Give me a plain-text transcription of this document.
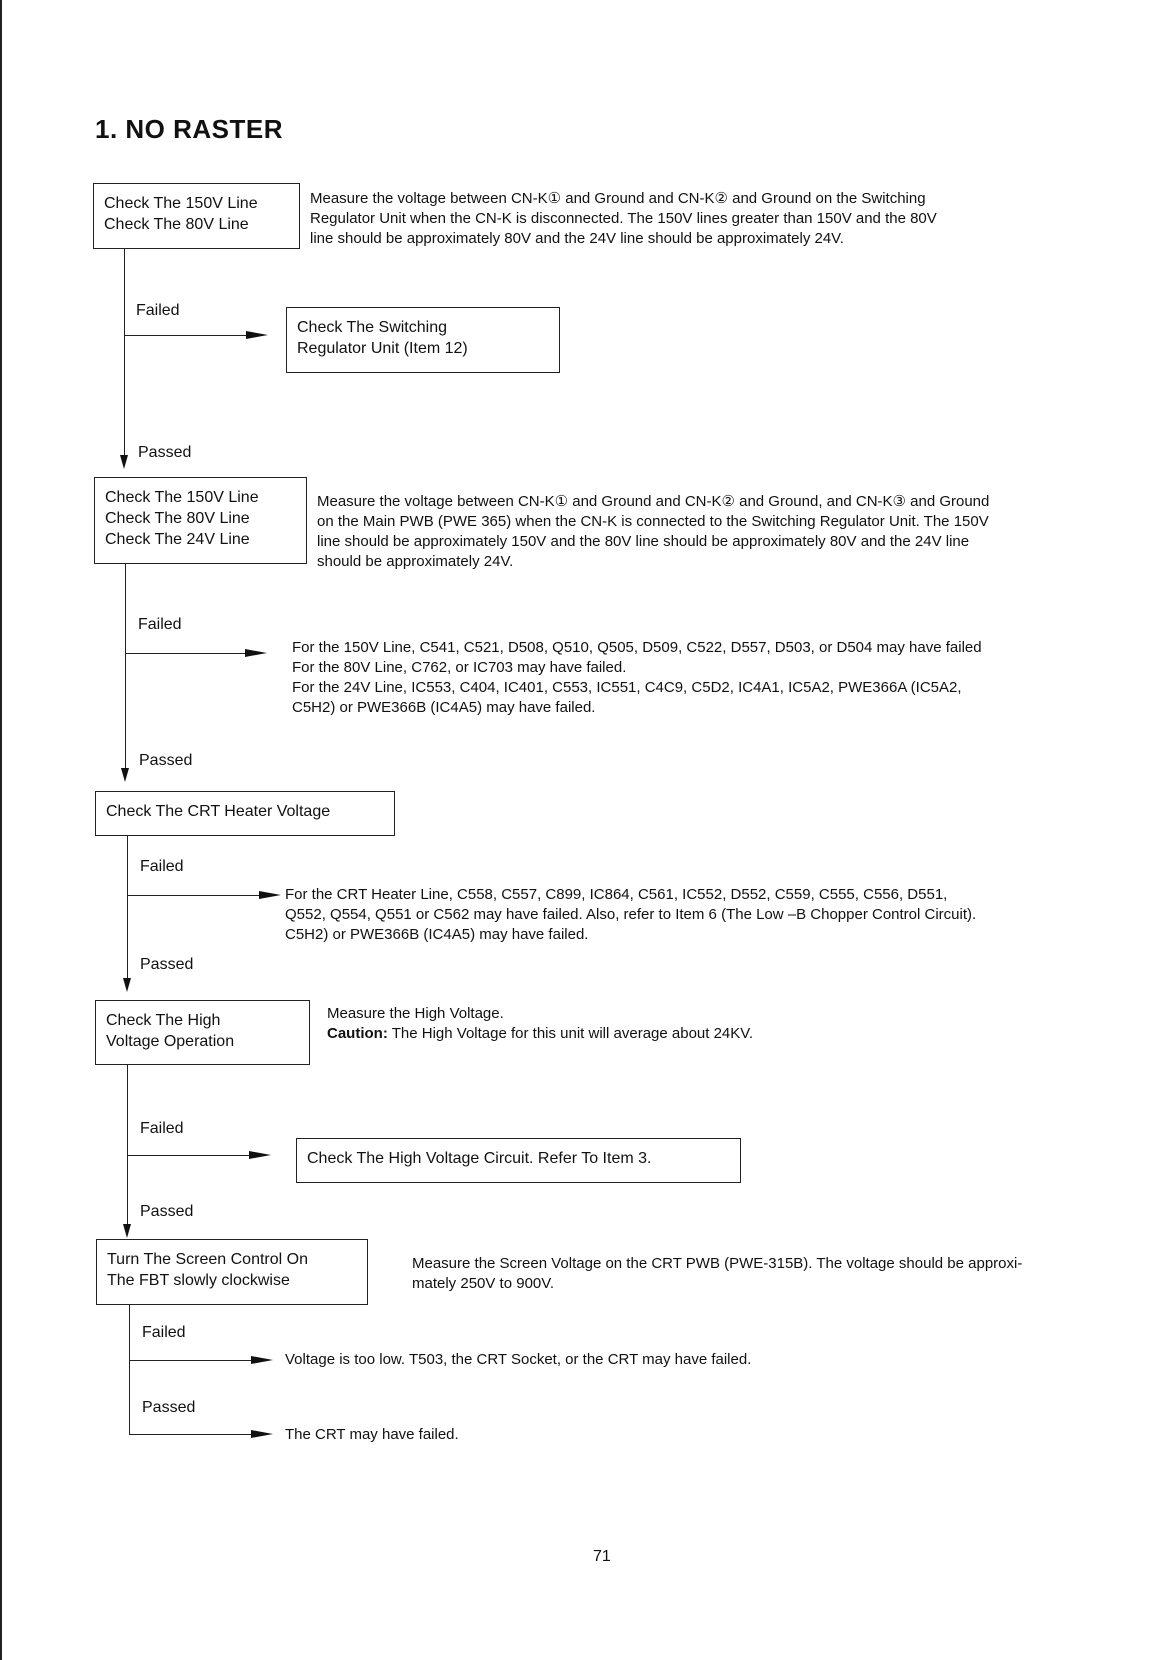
1. NO RASTER
Check The 150V Line
Check The 80V Line
Measure the voltage between CN-K① and Ground and CN-K② and Ground on the Switching
Regulator Unit when the CN-K is disconnected. The 150V lines greater than 150V and the 80V
line should be approximately 80V and the 24V line should be approximately 24V.
Failed
Check The Switching
Regulator Unit (Item 12)
Passed
Check The 150V Line
Check The 80V Line
Check The 24V Line
Measure the voltage between CN-K① and Ground and CN-K② and Ground, and CN-K③ and Ground
on the Main PWB (PWE 365) when the CN-K is connected to the Switching Regulator Unit. The 150V
line should be approximately 150V and the 80V line should be approximately 80V and the 24V line
should be approximately 24V.
Failed
For the 150V Line, C541, C521, D508, Q510, Q505, D509, C522, D557, D503, or D504 may have failed
For the 80V Line, C762, or IC703 may have failed.
For the 24V Line, IC553, C404, IC401, C553, IC551, C4C9, C5D2, IC4A1, IC5A2, PWE366A (IC5A2,
C5H2) or PWE366B (IC4A5) may have failed.
Passed
Check The CRT Heater Voltage
Failed
For the CRT Heater Line, C558, C557, C899, IC864, C561, IC552, D552, C559, C555, C556, D551,
Q552, Q554, Q551 or C562 may have failed. Also, refer to Item 6 (The Low –B Chopper Control Circuit).
C5H2) or PWE366B (IC4A5) may have failed.
Passed
Check The High
Voltage Operation
Measure the High Voltage.
Caution: The High Voltage for this unit will average about 24KV.
Failed
Check The High Voltage Circuit. Refer To Item 3.
Passed
Turn The Screen Control On
The FBT slowly clockwise
Measure the Screen Voltage on the CRT PWB (PWE-315B). The voltage should be approxi-
mately 250V to 900V.
Failed
Voltage is too low. T503, the CRT Socket, or the CRT may have failed.
Passed
The CRT may have failed.
71
